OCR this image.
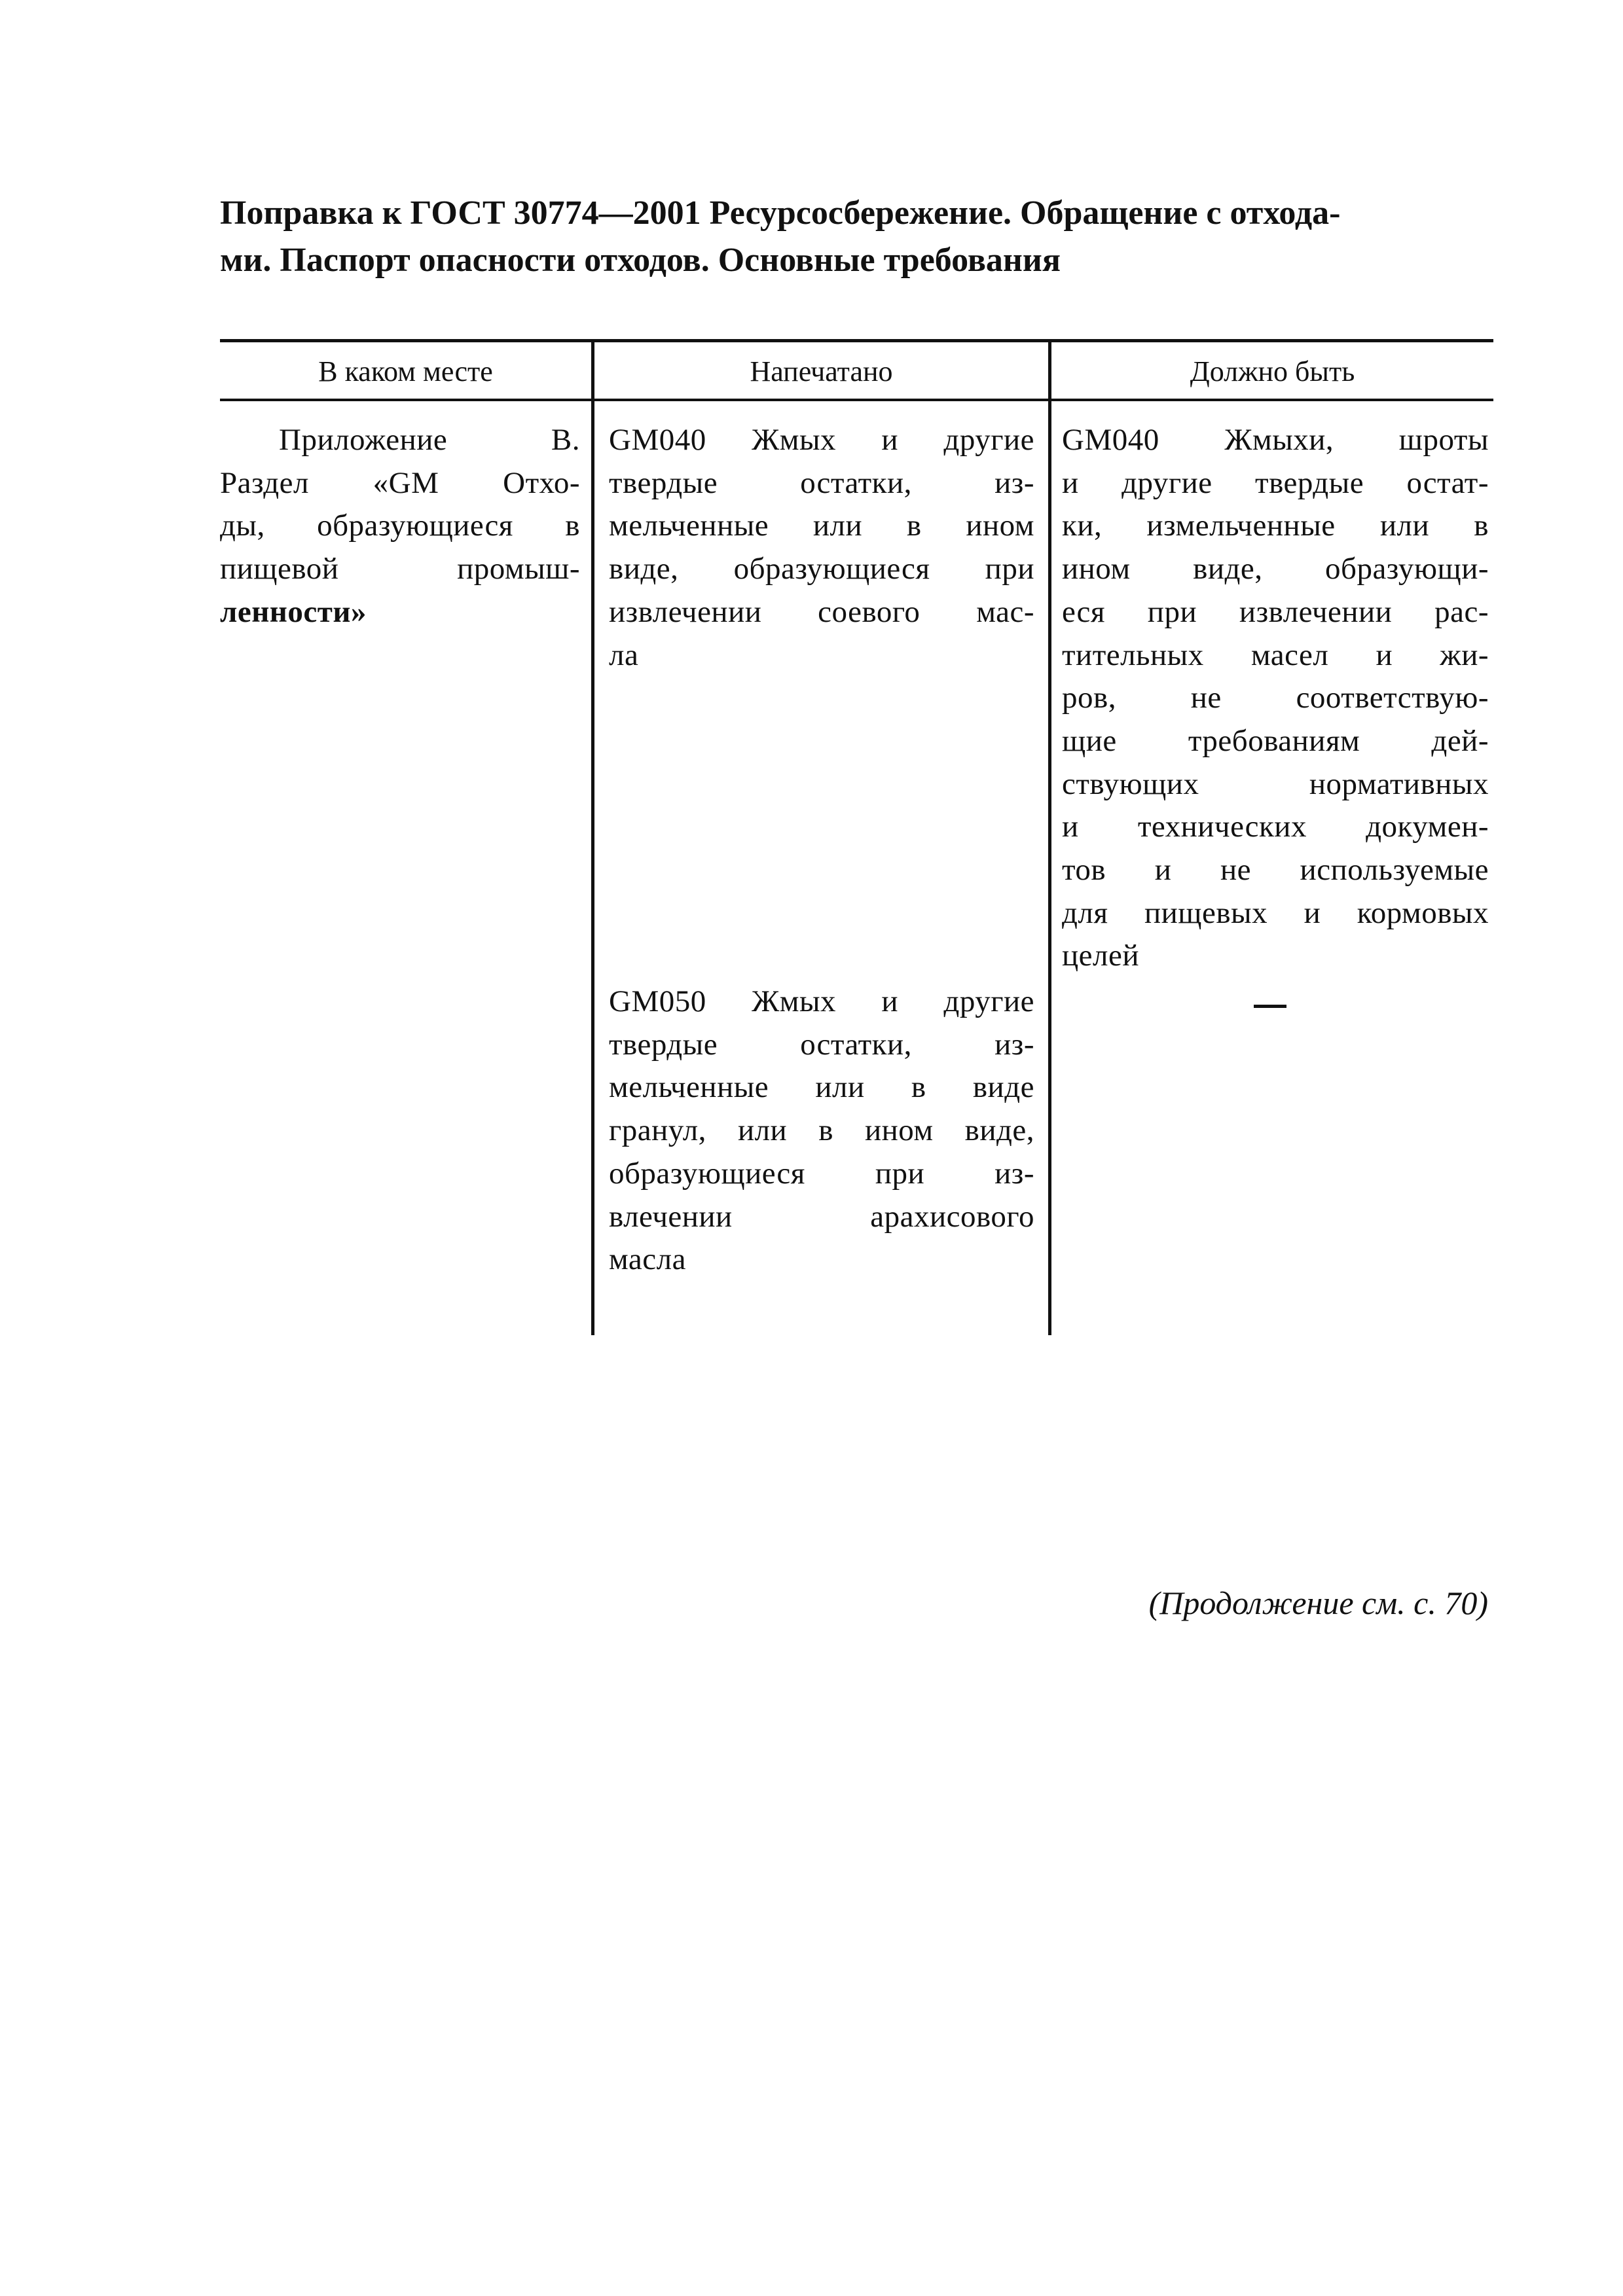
Поправка к ГОСТ 30774—2001 Ресурсосбережение. Обращение с отхода-
ми. Паспорт опасности отходов. Основные требования
В каком месте	Напечатано	Должно быть
Приложение В.
Раздел «GM Отхо-
ды, образующиеся в
пищевой промыш-
ленности»
GM040 Жмых и другие
твердые остатки, из-
мельченные или в ином
виде, образующиеся при
извлечении соевого мас-
ла
GM040 Жмыхи, шроты
и другие твердые остат-
ки, измельченные или в
ином виде, образующи-
еся при извлечении рас-
тительных масел и жи-
ров, не соответствую-
щие требованиям дей-
ствующих нормативных
и технических докумен-
тов и не используемые
для пищевых и кормовых
целей
GM050 Жмых и другие
твердые остатки, из-
мельченные или в виде
гранул, или в ином виде,
образующиеся при из-
влечении арахисового
масла
(Продолжение см. с. 70)
